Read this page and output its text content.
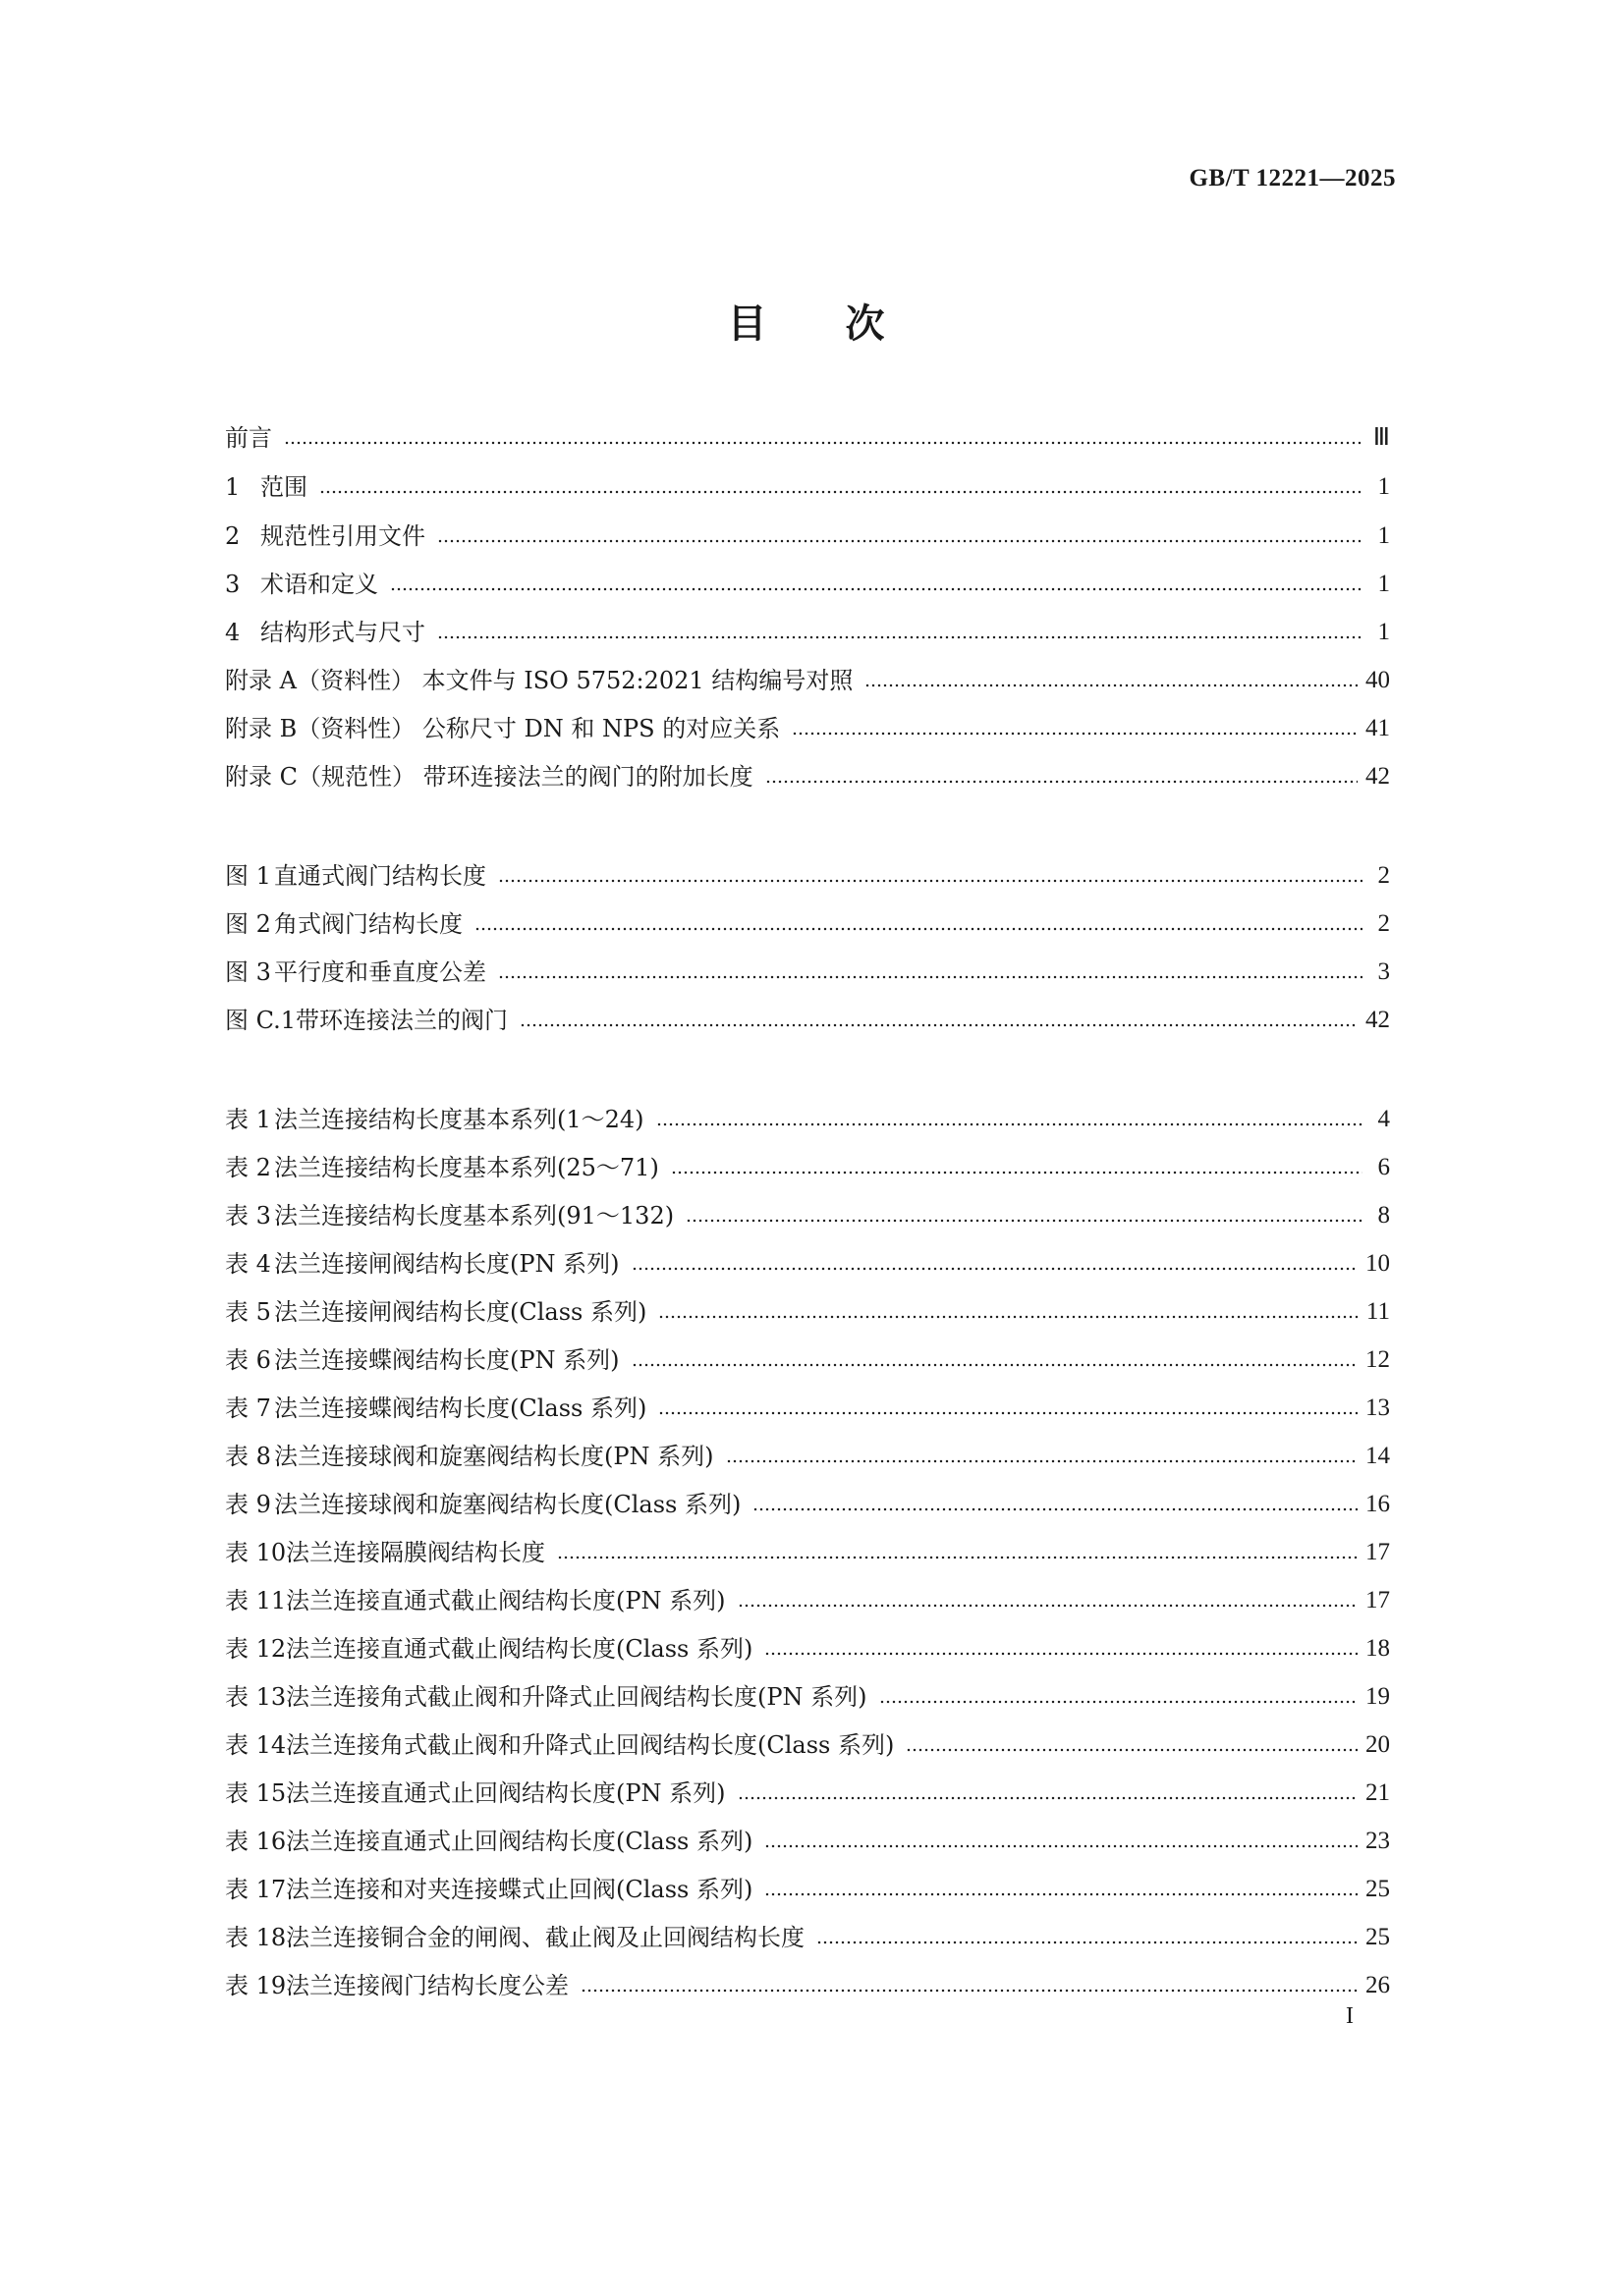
GB/T 12221—2025
目 次
前言	Ⅲ
1 范围	1
2 规范性引用文件	1
3 术语和定义	1
4 结构形式与尺寸	1
附录 A（资料性） 本文件与 ISO 5752:2021 结构编号对照	40
附录 B（资料性） 公称尺寸 DN 和 NPS 的对应关系	41
附录 C（规范性） 带环连接法兰的阀门的附加长度	42
图 1 直通式阀门结构长度	2
图 2 角式阀门结构长度	2
图 3 平行度和垂直度公差	3
图 C.1 带环连接法兰的阀门	42
表 1 法兰连接结构长度基本系列(1～24)	4
表 2 法兰连接结构长度基本系列(25～71)	6
表 3 法兰连接结构长度基本系列(91～132)	8
表 4 法兰连接闸阀结构长度(PN 系列)	10
表 5 法兰连接闸阀结构长度(Class 系列)	11
表 6 法兰连接蝶阀结构长度(PN 系列)	12
表 7 法兰连接蝶阀结构长度(Class 系列)	13
表 8 法兰连接球阀和旋塞阀结构长度(PN 系列)	14
表 9 法兰连接球阀和旋塞阀结构长度(Class 系列)	16
表 10 法兰连接隔膜阀结构长度	17
表 11 法兰连接直通式截止阀结构长度(PN 系列)	17
表 12 法兰连接直通式截止阀结构长度(Class 系列)	18
表 13 法兰连接角式截止阀和升降式止回阀结构长度(PN 系列)	19
表 14 法兰连接角式截止阀和升降式止回阀结构长度(Class 系列)	20
表 15 法兰连接直通式止回阀结构长度(PN 系列)	21
表 16 法兰连接直通式止回阀结构长度(Class 系列)	23
表 17 法兰连接和对夹连接蝶式止回阀(Class 系列)	25
表 18 法兰连接铜合金的闸阀、截止阀及止回阀结构长度	25
表 19 法兰连接阀门结构长度公差	26
I
